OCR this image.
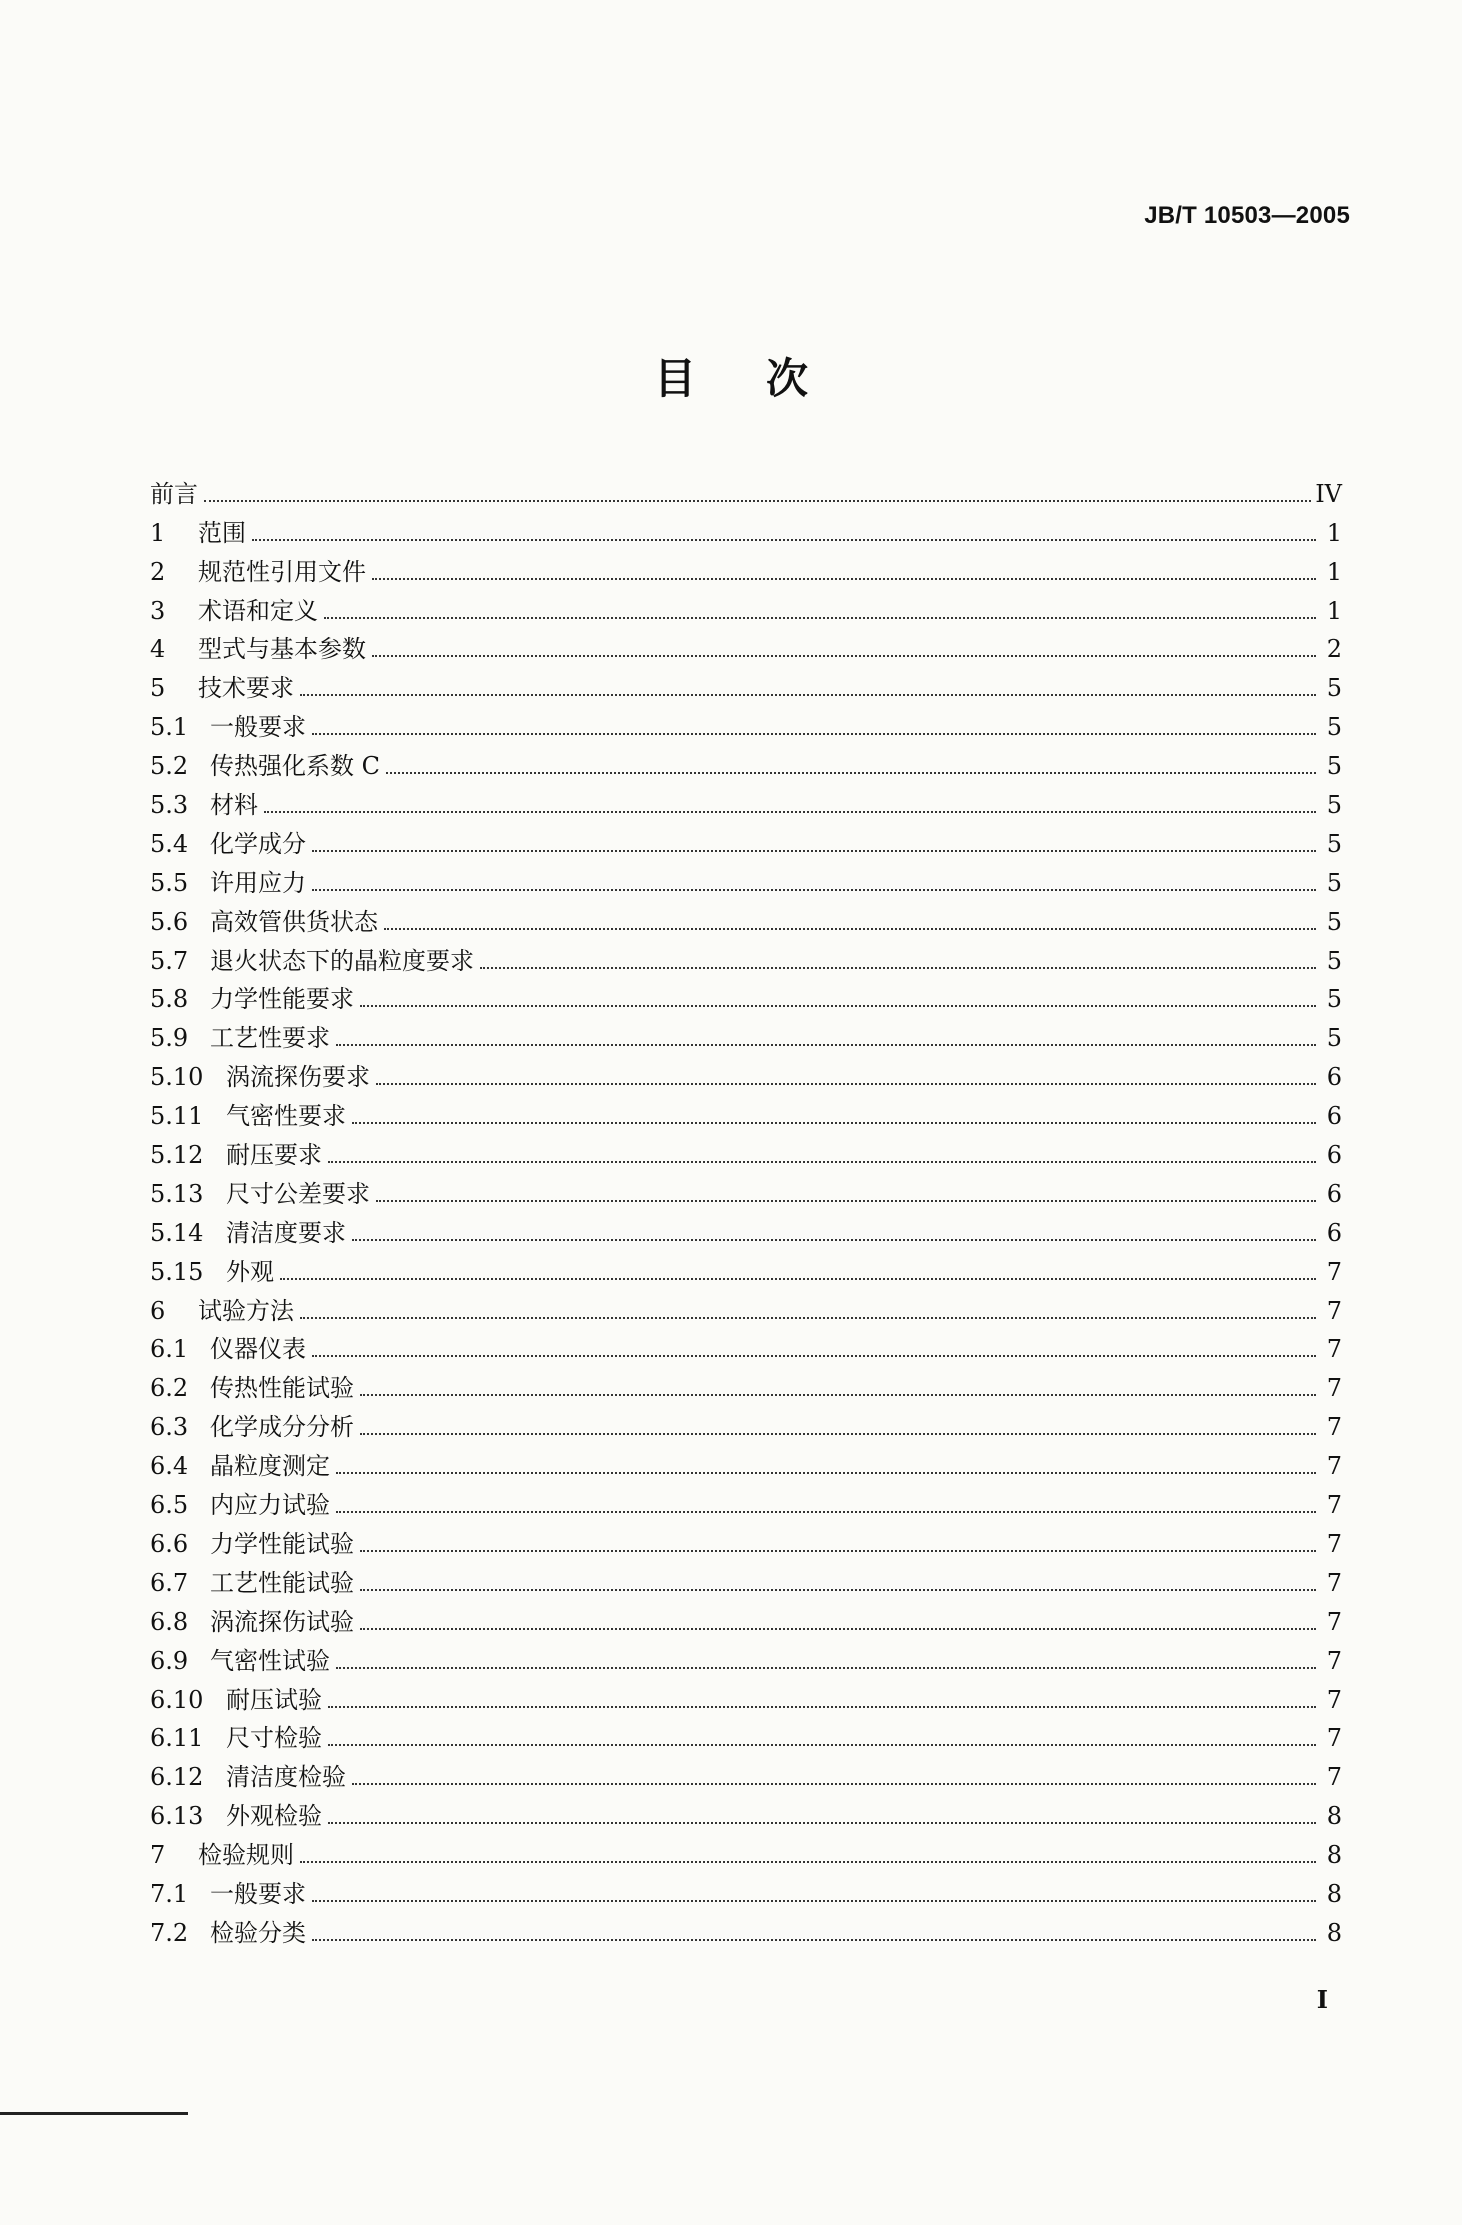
JB/T 10503—2005
目次
前言	IV
1	范围	1
2	规范性引用文件	1
3	术语和定义	1
4	型式与基本参数	2
5	技术要求	5
5.1 一般要求	5
5.2 传热强化系数 C	5
5.3 材料	5
5.4 化学成分	5
5.5 许用应力	5
5.6 高效管供货状态	5
5.7 退火状态下的晶粒度要求	5
5.8 力学性能要求	5
5.9 工艺性要求	5
5.10 涡流探伤要求	6
5.11 气密性要求	6
5.12 耐压要求	6
5.13 尺寸公差要求	6
5.14 清洁度要求	6
5.15 外观	7
6	试验方法	7
6.1 仪器仪表	7
6.2 传热性能试验	7
6.3 化学成分分析	7
6.4 晶粒度测定	7
6.5 内应力试验	7
6.6 力学性能试验	7
6.7 工艺性能试验	7
6.8 涡流探伤试验	7
6.9 气密性试验	7
6.10 耐压试验	7
6.11 尺寸检验	7
6.12 清洁度检验	7
6.13 外观检验	8
7	检验规则	8
7.1 一般要求	8
7.2 检验分类	8
I
